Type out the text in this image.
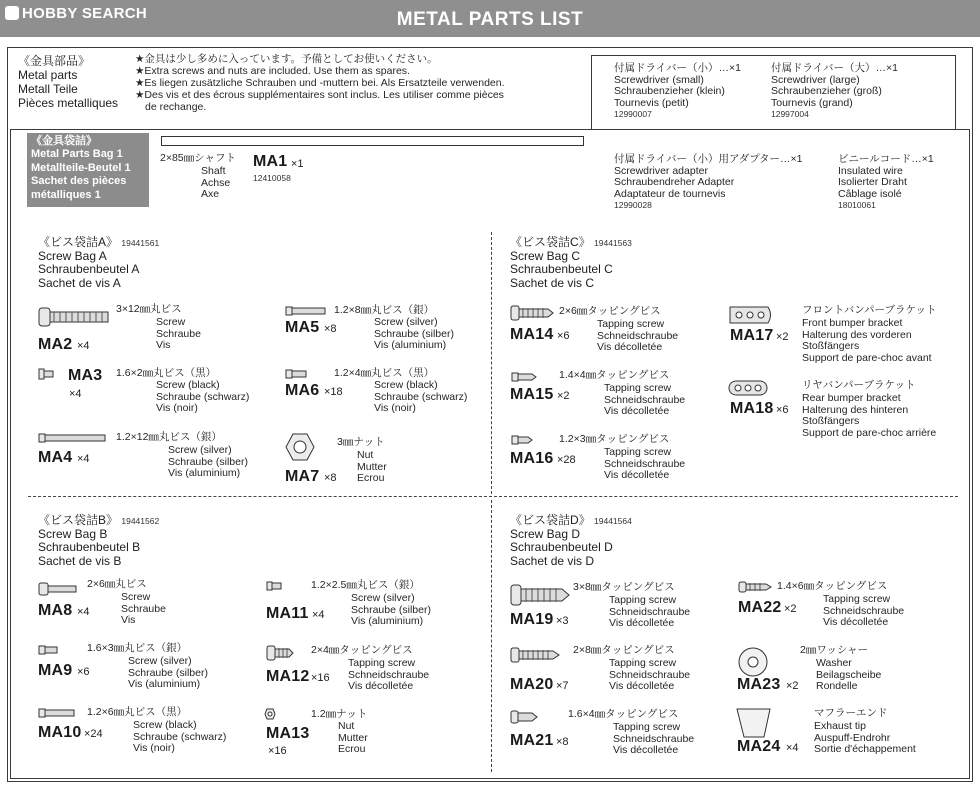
HOBBY SEARCH	METAL PARTS LIST
《金具部品》
Metal parts
Metall Teile
Pièces metalliques
★金具は少し多めに入っています。予備としてお使いください。
★Extra screws and nuts are included. Use them as spares.
★Es liegen zusätzliche Schrauben und -muttern bei. Als Ersatzteile verwenden.
★Des vis et des écrous supplémentaires sont inclus. Les utiliser comme pièces
de rechange.
付属ドライバー（小）…×1
Screwdriver (small)
Schraubenzieher (klein)
Tournevis (petit)
12990007
付属ドライバー（大）…×1
Screwdriver (large)
Schraubenzieher (groß)
Tournevis (grand)
12997004
付属ドライバー（小）用アダプター…×1
Screwdriver adapter
Schraubendreher Adapter
Adaptateur de tournevis
12990028
ビニールコード…×1
Insulated wire
Isolierter Draht
Câblage isolé
18010061
《金具袋詰》
Metal Parts Bag 1
Metallteile-Beutel 1
Sachet des pièces
métalliques 1
2×85㎜シャフト
Shaft
Achse
Axe
MA1 ×1
12410058
《ビス袋詰A》 19441561
Screw Bag A
Schraubenbeutel A
Sachet de vis A
《ビス袋詰C》 19441563
Screw Bag C
Schraubenbeutel C
Sachet de vis C
《ビス袋詰B》 19441562
Screw Bag B
Schraubenbeutel B
Sachet de vis B
《ビス袋詰D》 19441564
Screw Bag D
Schraubenbeutel D
Sachet de vis D
3×12㎜丸ビス
Screw
Schraube
Vis
MA2 ×4
MA3
×4
1.6×2㎜丸ビス（黒）
Screw (black)
Schraube (schwarz)
Vis (noir)
1.2×12㎜丸ビス（銀）
Screw (silver)
Schraube (silber)
Vis (aluminium)
MA4 ×4
1.2×8㎜丸ビス（銀）
Screw (silver)
Schraube (silber)
Vis (aluminium)
MA5 ×8
1.2×4㎜丸ビス（黒）
Screw (black)
Schraube (schwarz)
Vis (noir)
MA6 ×18
3㎜ナット
Nut
Mutter
Ecrou
MA7 ×8
2×6㎜タッピングビス
Tapping screw
Schneidschraube
Vis décolletée
MA14 ×6
1.4×4㎜タッピングビス
Tapping screw
Schneidschraube
Vis décolletée
MA15 ×2
1.2×3㎜タッピングビス
Tapping screw
Schneidschraube
Vis décolletée
MA16 ×28
MA17 ×2
フロントバンパーブラケット
Front bumper bracket
Halterung des vorderen
Stoßfängers
Support de pare-choc avant
MA18 ×6
リヤバンパーブラケット
Rear bumper bracket
Halterung des hinteren
Stoßfängers
Support de pare-choc arrière
2×6㎜丸ビス
Screw
Schraube
Vis
MA8 ×4
1.6×3㎜丸ビス（銀）
Screw (silver)
Schraube (silber)
Vis (aluminium)
MA9 ×6
1.2×6㎜丸ビス（黒）
Screw (black)
Schraube (schwarz)
Vis (noir)
MA10 ×24
1.2×2.5㎜丸ビス（銀）
Screw (silver)
Schraube (silber)
Vis (aluminium)
MA11 ×4
2×4㎜タッピングビス
Tapping screw
Schneidschraube
Vis décolletée
MA12 ×16
1.2㎜ナット
Nut
Mutter
Ecrou
MA13
×16
3×8㎜タッピングビス
Tapping screw
Schneidschraube
Vis décolletée
MA19 ×3
2×8㎜タッピングビス
Tapping screw
Schneidschraube
Vis décolletée
MA20 ×7
1.6×4㎜タッピングビス
Tapping screw
Schneidschraube
Vis décolletée
MA21 ×8
1.4×6㎜タッピングビス
Tapping screw
Schneidschraube
Vis décolletée
MA22 ×2
2㎜ワッシャー
Washer
Beilagscheibe
Rondelle
MA23 ×2
マフラーエンド
Exhaust tip
Auspuff-Endrohr
Sortie d'échappement
MA24 ×4
